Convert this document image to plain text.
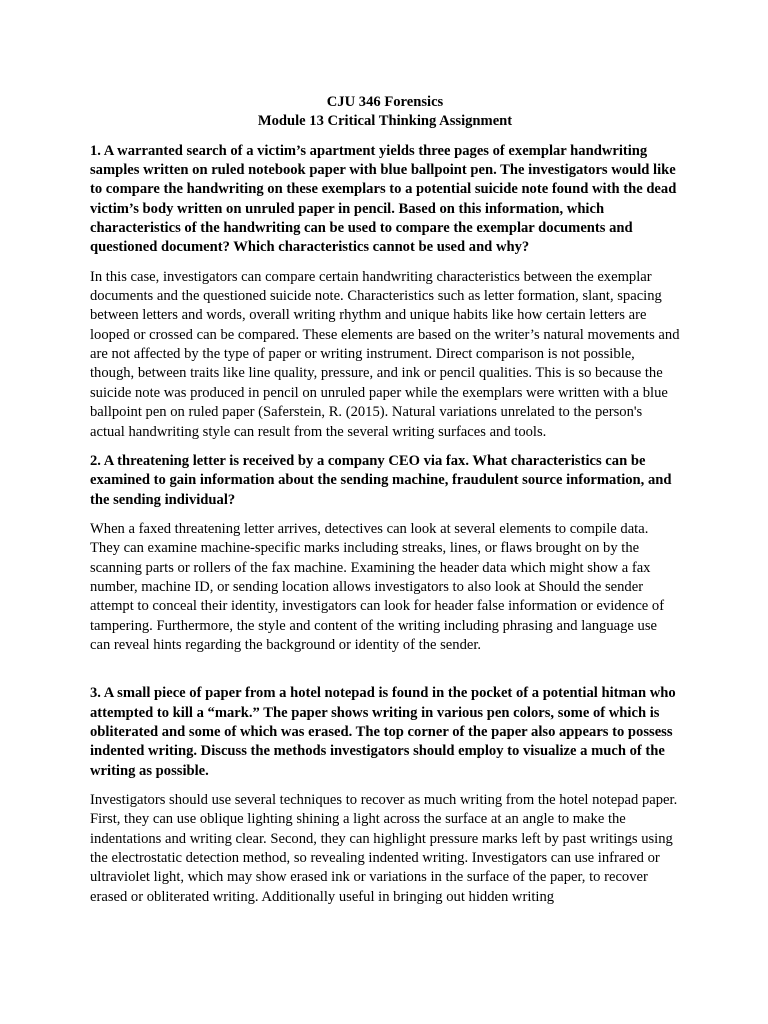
CJU 346 Forensics
Module 13 Critical Thinking Assignment

1. A warranted search of a victim’s apartment yields three pages of exemplar handwriting samples written on ruled notebook paper with blue ballpoint pen. The investigators would like to compare the handwriting on these exemplars to a potential suicide note found with the dead victim’s body written on unruled paper in pencil. Based on this information, which characteristics of the handwriting can be used to compare the exemplar documents and questioned document? Which characteristics cannot be used and why?

In this case, investigators can compare certain handwriting characteristics between the exemplar documents and the questioned suicide note. Characteristics such as letter formation, slant, spacing between letters and words, overall writing rhythm and unique habits like how certain letters are looped or crossed can be compared. These elements are based on the writer’s natural movements and are not affected by the type of paper or writing instrument. Direct comparison is not possible, though, between traits like line quality, pressure, and ink or pencil qualities. This is so because the suicide note was produced in pencil on unruled paper while the exemplars were written with a blue ballpoint pen on ruled paper (Saferstein, R. (2015). Natural variations unrelated to the person's actual handwriting style can result from the several writing surfaces and tools.

2. A threatening letter is received by a company CEO via fax. What characteristics can be examined to gain information about the sending machine, fraudulent source information, and the sending individual?

When a faxed threatening letter arrives, detectives can look at several elements to compile data. They can examine machine-specific marks including streaks, lines, or flaws brought on by the scanning parts or rollers of the fax machine. Examining the header data which might show a fax number, machine ID, or sending location allows investigators to also look at Should the sender attempt to conceal their identity, investigators can look for header false information or evidence of tampering. Furthermore, the style and content of the writing including phrasing and language use can reveal hints regarding the background or identity of the sender.

3. A small piece of paper from a hotel notepad is found in the pocket of a potential hitman who attempted to kill a “mark.” The paper shows writing in various pen colors, some of which is obliterated and some of which was erased. The top corner of the paper also appears to possess indented writing. Discuss the methods investigators should employ to visualize a much of the writing as possible.

Investigators should use several techniques to recover as much writing from the hotel notepad paper. First, they can use oblique lighting shining a light across the surface at an angle to make the indentations and writing clear. Second, they can highlight pressure marks left by past writings using the electrostatic detection method, so revealing indented writing. Investigators can use infrared or ultraviolet light, which may show erased ink or variations in the surface of the paper, to recover erased or obliterated writing. Additionally useful in bringing out hidden writing
